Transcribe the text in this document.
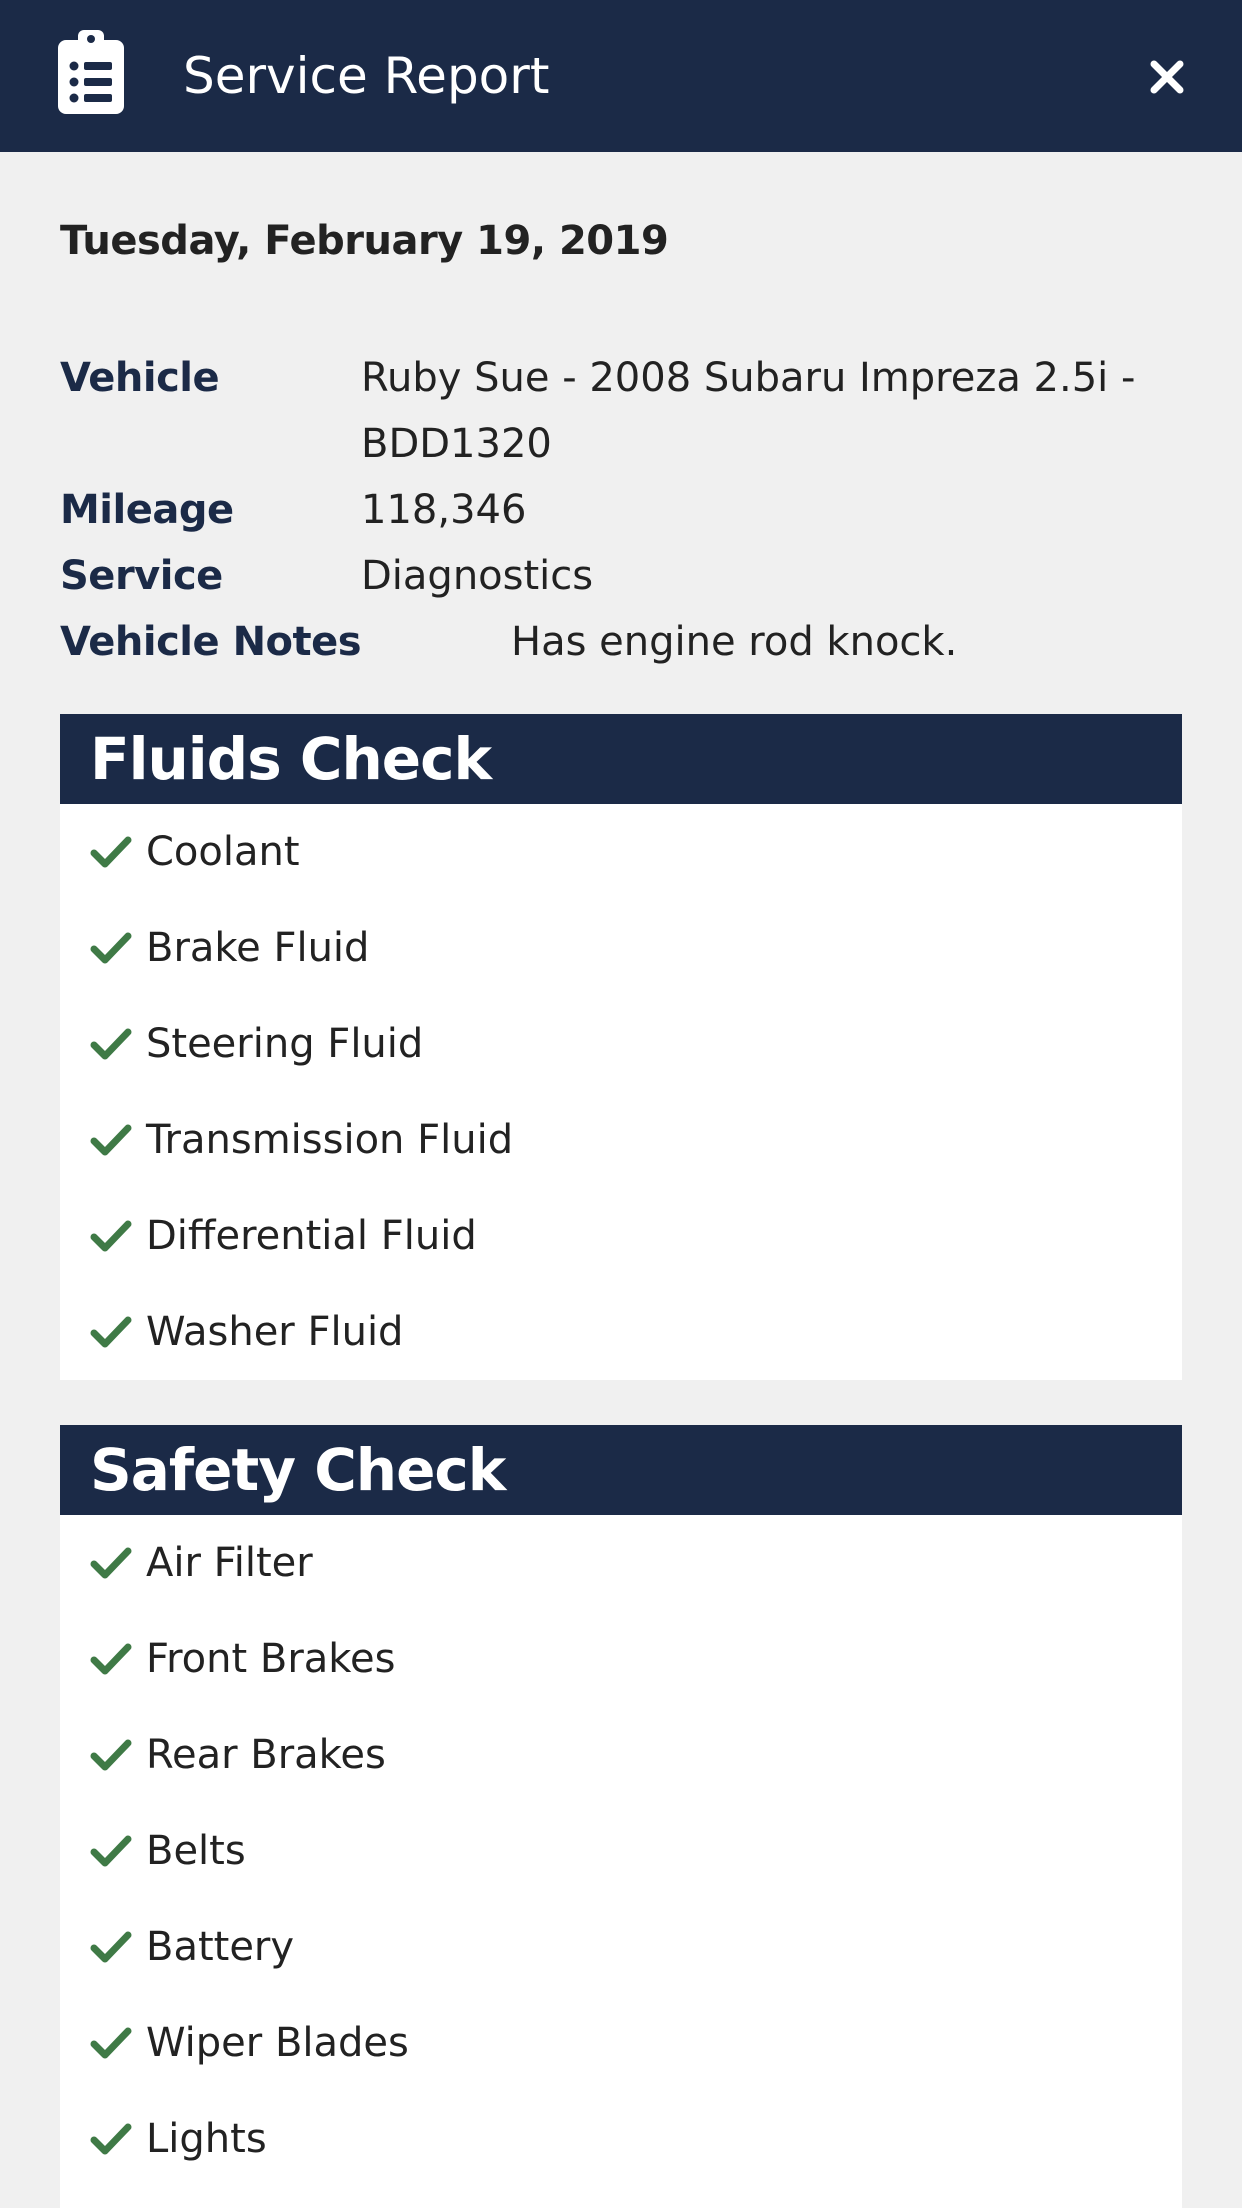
Service Report
Tuesday, February 19, 2019
Vehicle	Ruby Sue - 2008 Subaru Impreza 2.5i - BDD1320
Mileage	118,346
Service	Diagnostics
Vehicle Notes	Has engine rod knock.
Fluids Check
Coolant
Brake Fluid
Steering Fluid
Transmission Fluid
Differential Fluid
Washer Fluid
Safety Check
Air Filter
Front Brakes
Rear Brakes
Belts
Battery
Wiper Blades
Lights
